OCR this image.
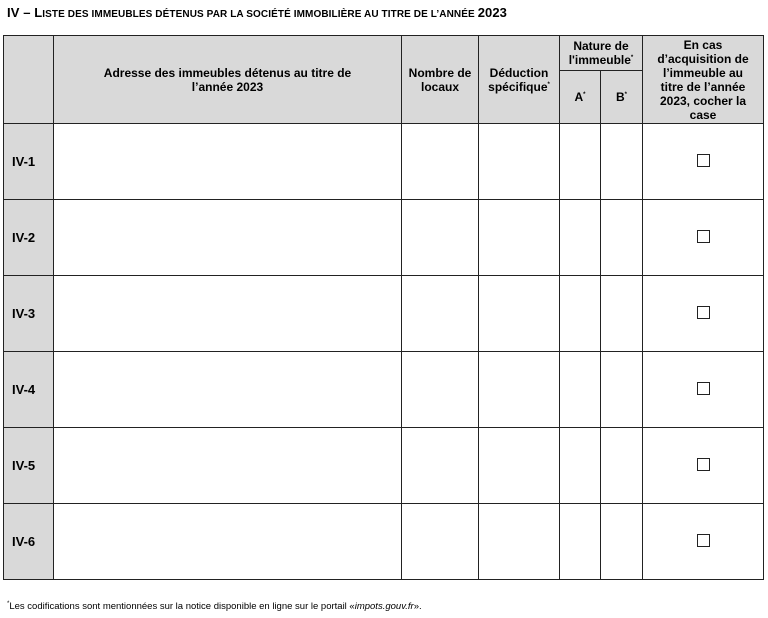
IV – LISTE DES IMMEUBLES DÉTENUS PAR LA SOCIÉTÉ IMMOBILIÈRE AU TITRE DE L’ANNÉE 2023
	Adresse des immeubles détenus au titre de l’année 2023	Nombre de locaux	Déduction spécifique*	Nature de l'immeuble*		En cas d’acquisition de l’immeuble au titre de l’année 2023, cocher la case
				A*	B*
IV-1						
IV-2						
IV-3						
IV-4						
IV-5						
IV-6						
*Les codifications sont mentionnées sur la notice disponible en ligne sur le portail «impots.gouv.fr».
